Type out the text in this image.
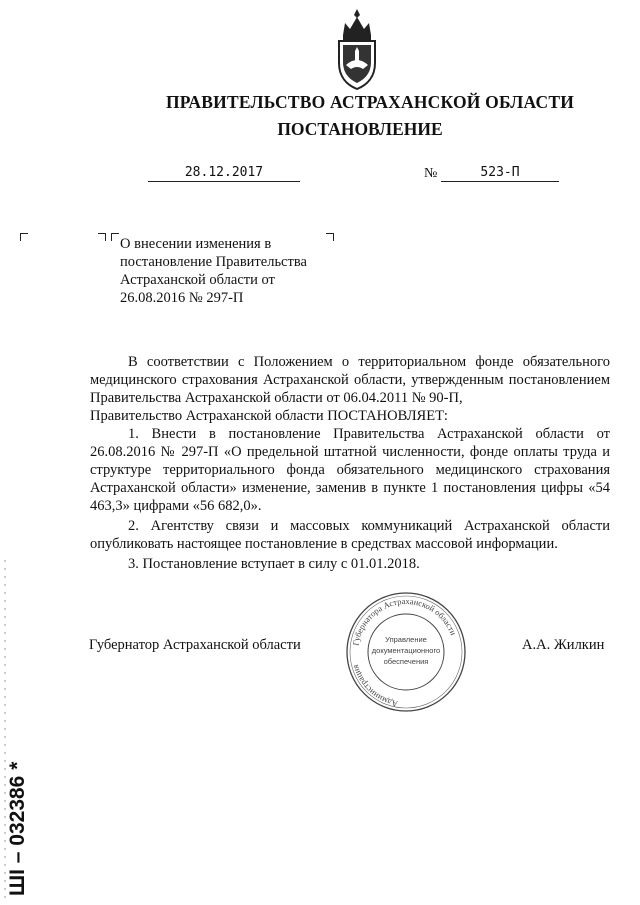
ПРАВИТЕЛЬСТВО АСТРАХАНСКОЙ ОБЛАСТИ
ПОСТАНОВЛЕНИЕ
28.12.2017	№	523-П
О внесении изменения в постановление Правительства Астраханской области от 26.08.2016 № 297-П

В соответствии с Положением о территориальном фонде обязательного медицинского страхования Астраханской области, утвержденным постановлением Правительства Астраханской области от 06.04.2011 № 90-П,

Правительство Астраханской области ПОСТАНОВЛЯЕТ:

1. Внести в постановление Правительства Астраханской области от 26.08.2016 № 297-П «О предельной штатной численности, фонде оплаты труда и структуре территориального фонда обязательного медицинского страхования Астраханской области» изменение, заменив в пункте 1 постановления цифры «54 463,3» цифрами «56 682,0».

2. Агентству связи и массовых коммуникаций Астраханской области опубликовать настоящее постановление в средствах массовой информации.

3. Постановление вступает в силу с 01.01.2018.

Губернатор Астраханской области	А.А. Жилкин
Губернатора Астраханской области
Администрация
Управление
документационного
обеспечения
ШI – 032386 *
